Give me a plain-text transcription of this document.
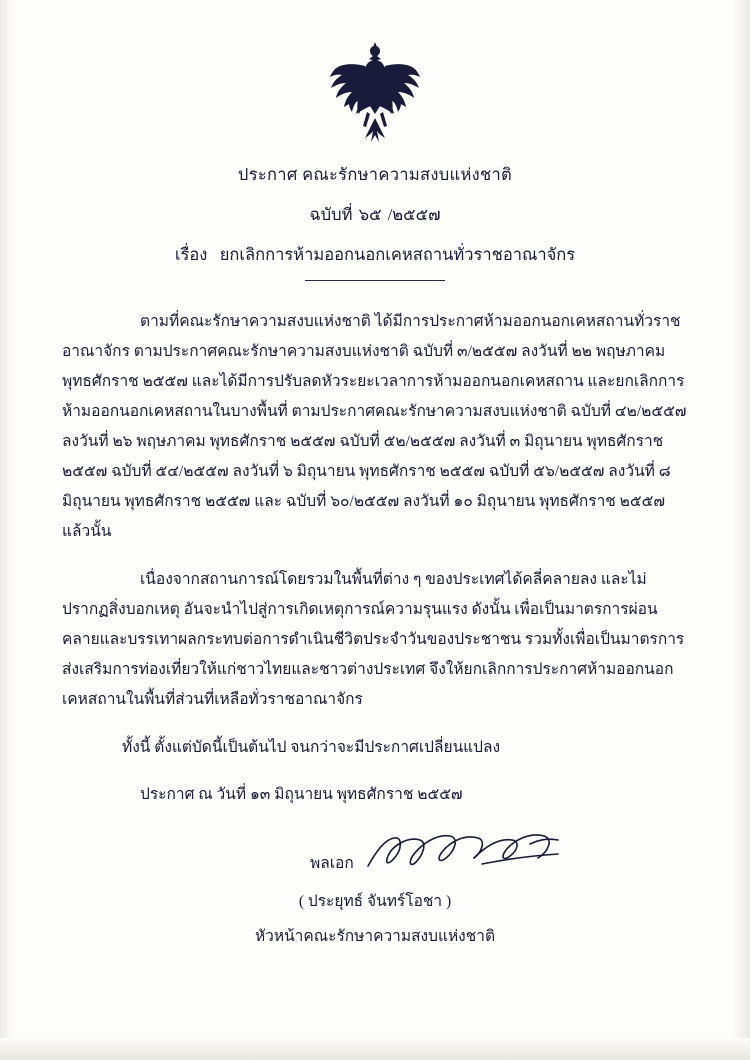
ประกาศ คณะรักษาความสงบแห่งชาติ
ฉบับที่ ๖๕ /๒๕๕๗
เรื่อง ยกเลิกการห้ามออกนอกเคหสถานทั่วราชอาณาจักร
ตามที่คณะรักษาความสงบแห่งชาติ ได้มีการประกาศห้ามออกนอกเคหสถานทั่วราชอาณาจักร ตามประกาศคณะรักษาความสงบแห่งชาติ ฉบับที่ ๓/๒๕๕๗ ลงวันที่ ๒๒ พฤษภาคม พุทธศักราช ๒๕๕๗ และได้มีการปรับลดหัวระยะเวลาการห้ามออกนอกเคหสถาน และยกเลิกการห้ามออกนอกเคหสถานในบางพื้นที่ ตามประกาศคณะรักษาความสงบแห่งชาติ ฉบับที่ ๔๒/๒๕๕๗ ลงวันที่ ๒๖ พฤษภาคม พุทธศักราช ๒๕๕๗ ฉบับที่ ๕๒/๒๕๕๗ ลงวันที่ ๓ มิถุนายน พุทธศักราช ๒๕๕๗ ฉบับที่ ๕๔/๒๕๕๗ ลงวันที่ ๖ มิถุนายน พุทธศักราช ๒๕๕๗ ฉบับที่ ๕๖/๒๕๕๗ ลงวันที่ ๘ มิถุนายน พุทธศักราช ๒๕๕๗ และ ฉบับที่ ๖๐/๒๕๕๗ ลงวันที่ ๑๐ มิถุนายน พุทธศักราช ๒๕๕๗ แล้วนั้น
เนื่องจากสถานการณ์โดยรวมในพื้นที่ต่าง ๆ ของประเทศได้คลี่คลายลง และไม่ปรากฏสิ่งบอกเหตุ อันจะนำไปสู่การเกิดเหตุการณ์ความรุนแรง ดังนั้น เพื่อเป็นมาตรการผ่อนคลายและบรรเทาผลกระทบต่อการดำเนินชีวิตประจำวันของประชาชน รวมทั้งเพื่อเป็นมาตรการส่งเสริมการท่องเที่ยวให้แก่ชาวไทยและชาวต่างประเทศ จึงให้ยกเลิกการประกาศห้ามออกนอกเคหสถานในพื้นที่ส่วนที่เหลือทั่วราชอาณาจักร
ทั้งนี้ ตั้งแต่บัดนี้เป็นต้นไป จนกว่าจะมีประกาศเปลี่ยนแปลง
ประกาศ ณ วันที่ ๑๓ มิถุนายน พุทธศักราช ๒๕๕๗
พลเอก
( ประยุทธ์ จันทร์โอชา )
หัวหน้าคณะรักษาความสงบแห่งชาติ
